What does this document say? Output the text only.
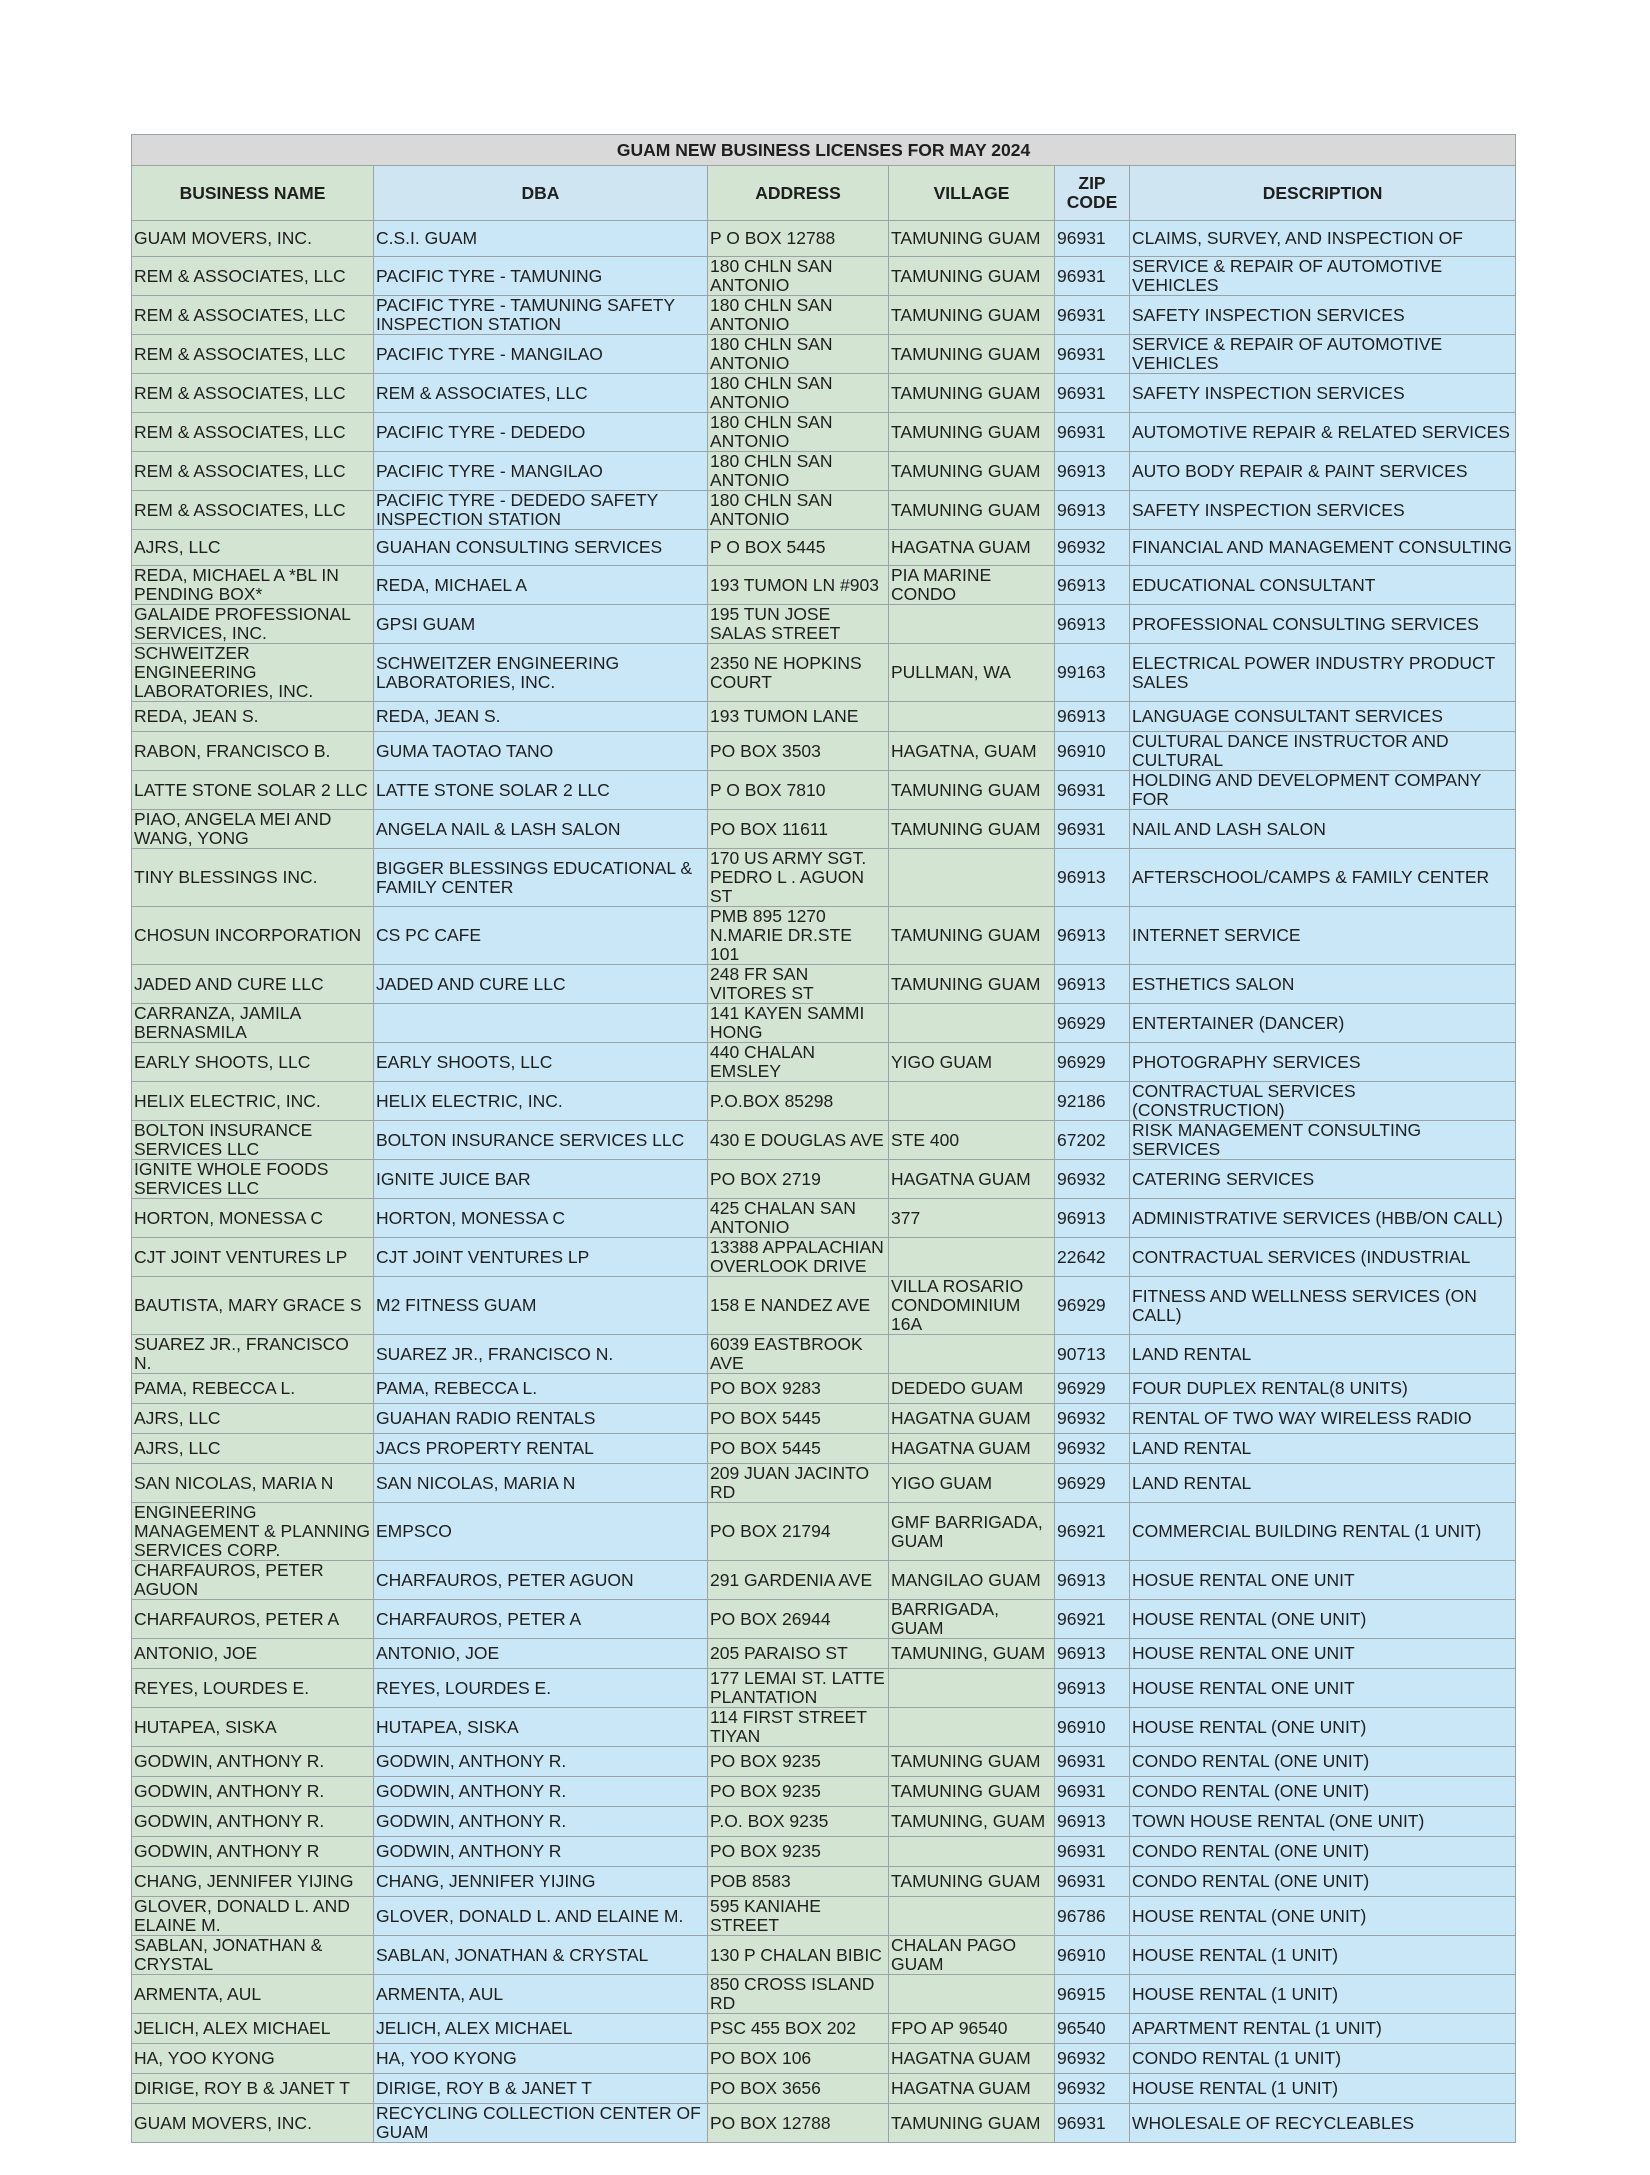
GUAM NEW BUSINESS LICENSES FOR MAY 2024					
BUSINESS NAME	DBA	ADDRESS	VILLAGE	ZIP CODE	DESCRIPTION
GUAM MOVERS, INC.	C.S.I. GUAM	P O BOX 12788	TAMUNING GUAM	96931	CLAIMS, SURVEY, AND INSPECTION OF
REM & ASSOCIATES, LLC	PACIFIC TYRE - TAMUNING	180 CHLN SAN ANTONIO	TAMUNING GUAM	96931	SERVICE & REPAIR OF AUTOMOTIVE VEHICLES
REM & ASSOCIATES, LLC	PACIFIC TYRE - TAMUNING SAFETY INSPECTION STATION	180 CHLN SAN ANTONIO	TAMUNING GUAM	96931	SAFETY INSPECTION SERVICES
REM & ASSOCIATES, LLC	PACIFIC TYRE - MANGILAO	180 CHLN SAN ANTONIO	TAMUNING GUAM	96931	SERVICE & REPAIR OF AUTOMOTIVE VEHICLES
REM & ASSOCIATES, LLC	REM & ASSOCIATES, LLC	180 CHLN SAN ANTONIO	TAMUNING GUAM	96931	SAFETY INSPECTION SERVICES
REM & ASSOCIATES, LLC	PACIFIC TYRE - DEDEDO	180 CHLN SAN ANTONIO	TAMUNING GUAM	96931	AUTOMOTIVE REPAIR & RELATED SERVICES
REM & ASSOCIATES, LLC	PACIFIC TYRE - MANGILAO	180 CHLN SAN ANTONIO	TAMUNING GUAM	96913	AUTO BODY REPAIR & PAINT SERVICES
REM & ASSOCIATES, LLC	PACIFIC TYRE - DEDEDO SAFETY INSPECTION STATION	180 CHLN SAN ANTONIO	TAMUNING GUAM	96913	SAFETY INSPECTION SERVICES
AJRS, LLC	GUAHAN CONSULTING SERVICES	P O BOX 5445	HAGATNA GUAM	96932	FINANCIAL AND MANAGEMENT CONSULTING
REDA, MICHAEL A *BL IN PENDING BOX*	REDA, MICHAEL A	193 TUMON LN #903	PIA MARINE CONDO	96913	EDUCATIONAL CONSULTANT
GALAIDE PROFESSIONAL SERVICES, INC.	GPSI GUAM	195 TUN JOSE SALAS STREET		96913	PROFESSIONAL CONSULTING SERVICES
SCHWEITZER ENGINEERING LABORATORIES, INC.	SCHWEITZER ENGINEERING LABORATORIES, INC.	2350 NE HOPKINS COURT	PULLMAN, WA	99163	ELECTRICAL POWER INDUSTRY PRODUCT SALES
REDA, JEAN S.	REDA, JEAN S.	193 TUMON LANE		96913	LANGUAGE CONSULTANT SERVICES
RABON, FRANCISCO B.	GUMA TAOTAO TANO	PO BOX 3503	HAGATNA, GUAM	96910	CULTURAL DANCE INSTRUCTOR AND CULTURAL
LATTE STONE SOLAR 2 LLC	LATTE STONE SOLAR 2 LLC	P O BOX 7810	TAMUNING GUAM	96931	HOLDING AND DEVELOPMENT COMPANY FOR
PIAO, ANGELA MEI AND WANG, YONG	ANGELA NAIL & LASH SALON	PO BOX 11611	TAMUNING GUAM	96931	NAIL AND LASH SALON
TINY BLESSINGS INC.	BIGGER BLESSINGS EDUCATIONAL & FAMILY CENTER	170 US ARMY SGT. PEDRO L . AGUON ST		96913	AFTERSCHOOL/CAMPS & FAMILY CENTER
CHOSUN INCORPORATION	CS PC CAFE	PMB 895 1270 N.MARIE DR.STE 101	TAMUNING GUAM	96913	INTERNET SERVICE
JADED AND CURE LLC	JADED AND CURE LLC	248 FR SAN VITORES ST	TAMUNING GUAM	96913	ESTHETICS SALON
CARRANZA, JAMILA BERNASMILA		141 KAYEN SAMMI HONG		96929	ENTERTAINER (DANCER)
EARLY SHOOTS, LLC	EARLY SHOOTS, LLC	440 CHALAN EMSLEY	YIGO GUAM	96929	PHOTOGRAPHY SERVICES
HELIX ELECTRIC, INC.	HELIX ELECTRIC, INC.	P.O.BOX 85298		92186	CONTRACTUAL SERVICES (CONSTRUCTION)
BOLTON INSURANCE SERVICES LLC	BOLTON INSURANCE SERVICES LLC	430 E DOUGLAS AVE	STE 400	67202	RISK MANAGEMENT CONSULTING SERVICES
IGNITE WHOLE FOODS SERVICES LLC	IGNITE JUICE BAR	PO BOX 2719	HAGATNA GUAM	96932	CATERING SERVICES
HORTON, MONESSA C	HORTON, MONESSA C	425 CHALAN SAN ANTONIO	377	96913	ADMINISTRATIVE SERVICES (HBB/ON CALL)
CJT JOINT VENTURES LP	CJT JOINT VENTURES LP	13388 APPALACHIAN OVERLOOK DRIVE		22642	CONTRACTUAL SERVICES (INDUSTRIAL
BAUTISTA, MARY GRACE S	M2 FITNESS GUAM	158 E NANDEZ AVE	VILLA ROSARIO CONDOMINIUM 16A	96929	FITNESS AND WELLNESS SERVICES (ON CALL)
SUAREZ JR., FRANCISCO N.	SUAREZ JR., FRANCISCO N.	6039 EASTBROOK AVE		90713	LAND RENTAL
PAMA, REBECCA L.	PAMA, REBECCA L.	PO BOX 9283	DEDEDO GUAM	96929	FOUR DUPLEX RENTAL(8 UNITS)
AJRS, LLC	GUAHAN RADIO RENTALS	PO BOX 5445	HAGATNA GUAM	96932	RENTAL OF TWO WAY WIRELESS RADIO
AJRS, LLC	JACS PROPERTY RENTAL	PO BOX 5445	HAGATNA GUAM	96932	LAND RENTAL
SAN NICOLAS, MARIA N	SAN NICOLAS, MARIA N	209 JUAN JACINTO RD	YIGO GUAM	96929	LAND RENTAL
ENGINEERING MANAGEMENT & PLANNING SERVICES CORP.	EMPSCO	PO BOX 21794	GMF BARRIGADA, GUAM	96921	COMMERCIAL BUILDING RENTAL (1 UNIT)
CHARFAUROS, PETER AGUON	CHARFAUROS, PETER AGUON	291 GARDENIA AVE	MANGILAO GUAM	96913	HOSUE RENTAL ONE UNIT
CHARFAUROS, PETER A	CHARFAUROS, PETER A	PO BOX 26944	BARRIGADA, GUAM	96921	HOUSE RENTAL (ONE UNIT)
ANTONIO, JOE	ANTONIO, JOE	205 PARAISO ST	TAMUNING, GUAM	96913	HOUSE RENTAL ONE UNIT
REYES, LOURDES E.	REYES, LOURDES E.	177 LEMAI ST. LATTE PLANTATION		96913	HOUSE RENTAL ONE UNIT
HUTAPEA, SISKA	HUTAPEA, SISKA	114 FIRST STREET TIYAN		96910	HOUSE RENTAL (ONE UNIT)
GODWIN, ANTHONY R.	GODWIN, ANTHONY R.	PO BOX 9235	TAMUNING GUAM	96931	CONDO RENTAL (ONE UNIT)
GODWIN, ANTHONY R.	GODWIN, ANTHONY R.	PO BOX 9235	TAMUNING GUAM	96931	CONDO RENTAL (ONE UNIT)
GODWIN, ANTHONY R.	GODWIN, ANTHONY R.	P.O. BOX 9235	TAMUNING, GUAM	96913	TOWN HOUSE RENTAL (ONE UNIT)
GODWIN, ANTHONY R	GODWIN, ANTHONY R	PO BOX 9235		96931	CONDO RENTAL (ONE UNIT)
CHANG, JENNIFER YIJING	CHANG, JENNIFER YIJING	POB 8583	TAMUNING GUAM	96931	CONDO RENTAL (ONE UNIT)
GLOVER, DONALD L. AND ELAINE M.	GLOVER, DONALD L. AND ELAINE M.	595 KANIAHE STREET		96786	HOUSE RENTAL (ONE UNIT)
SABLAN, JONATHAN & CRYSTAL	SABLAN, JONATHAN & CRYSTAL	130 P CHALAN BIBIC	CHALAN PAGO GUAM	96910	HOUSE RENTAL (1 UNIT)
ARMENTA, AUL	ARMENTA, AUL	850 CROSS ISLAND RD		96915	HOUSE RENTAL (1 UNIT)
JELICH, ALEX MICHAEL	JELICH, ALEX MICHAEL	PSC 455 BOX 202	FPO AP 96540	96540	APARTMENT RENTAL (1 UNIT)
HA, YOO KYONG	HA, YOO KYONG	PO BOX 106	HAGATNA GUAM	96932	CONDO RENTAL (1 UNIT)
DIRIGE, ROY B & JANET T	DIRIGE, ROY B & JANET T	PO BOX 3656	HAGATNA GUAM	96932	HOUSE RENTAL (1 UNIT)
GUAM MOVERS, INC.	RECYCLING COLLECTION CENTER OF GUAM	PO BOX 12788	TAMUNING GUAM	96931	WHOLESALE OF RECYCLEABLES
